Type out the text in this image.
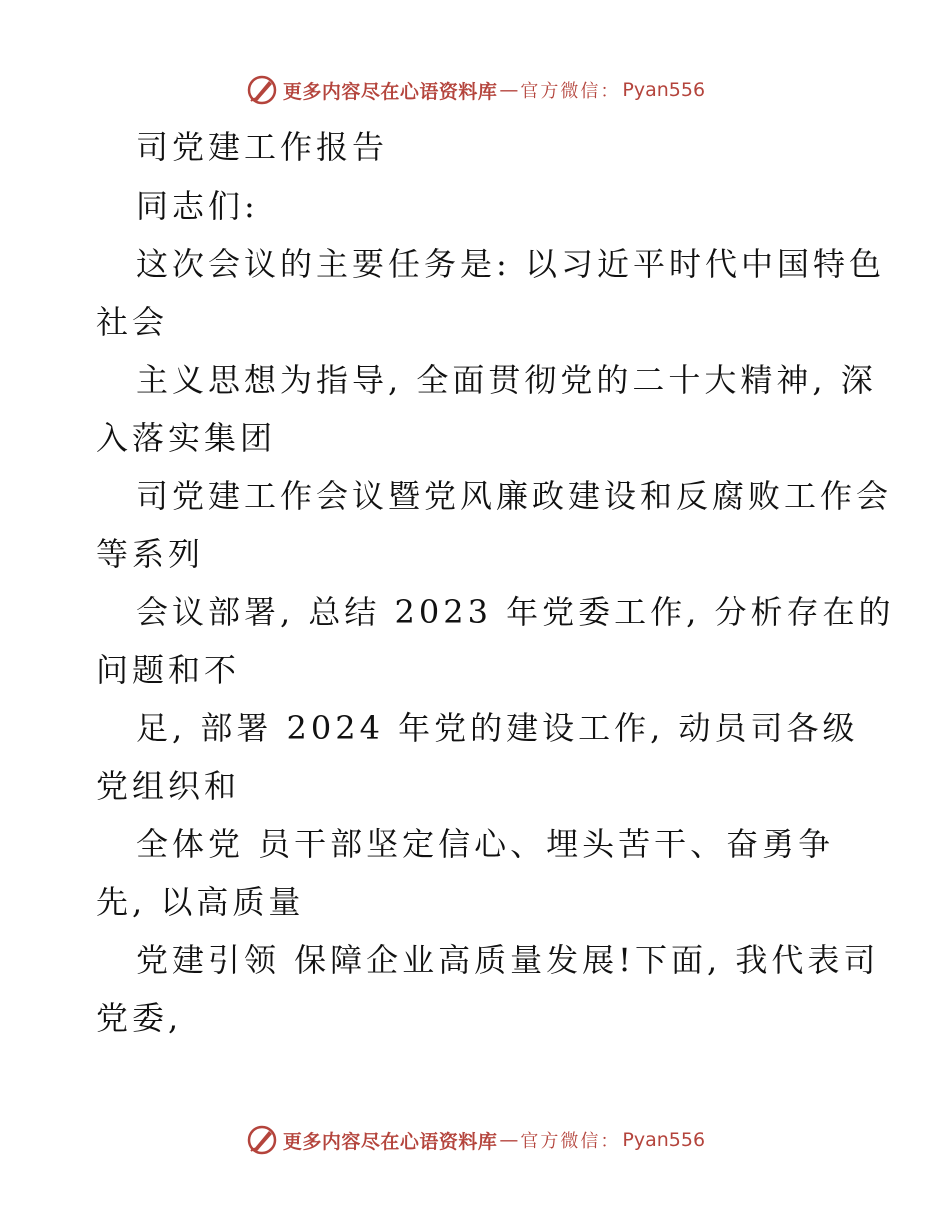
更多内容尽在心语资料库 — 官方微信： Pyan556
司党建工作报告
同志们:
这次会议的主要任务是: 以习近平时代中国特色
社会
主义思想为指导, 全面贯彻党的二十大精神, 深
入落实集团
司党建工作会议暨党风廉政建设和反腐败工作会
等系列
会议部署, 总结 2023 年党委工作, 分析存在的
问题和不
足, 部署 2024 年党的建设工作, 动员司各级
党组织和
全体党 员干部坚定信心、埋头苦干、奋勇争
先, 以高质量
党建引领 保障企业高质量发展!下面, 我代表司
党委,
更多内容尽在心语资料库 — 官方微信： Pyan556
